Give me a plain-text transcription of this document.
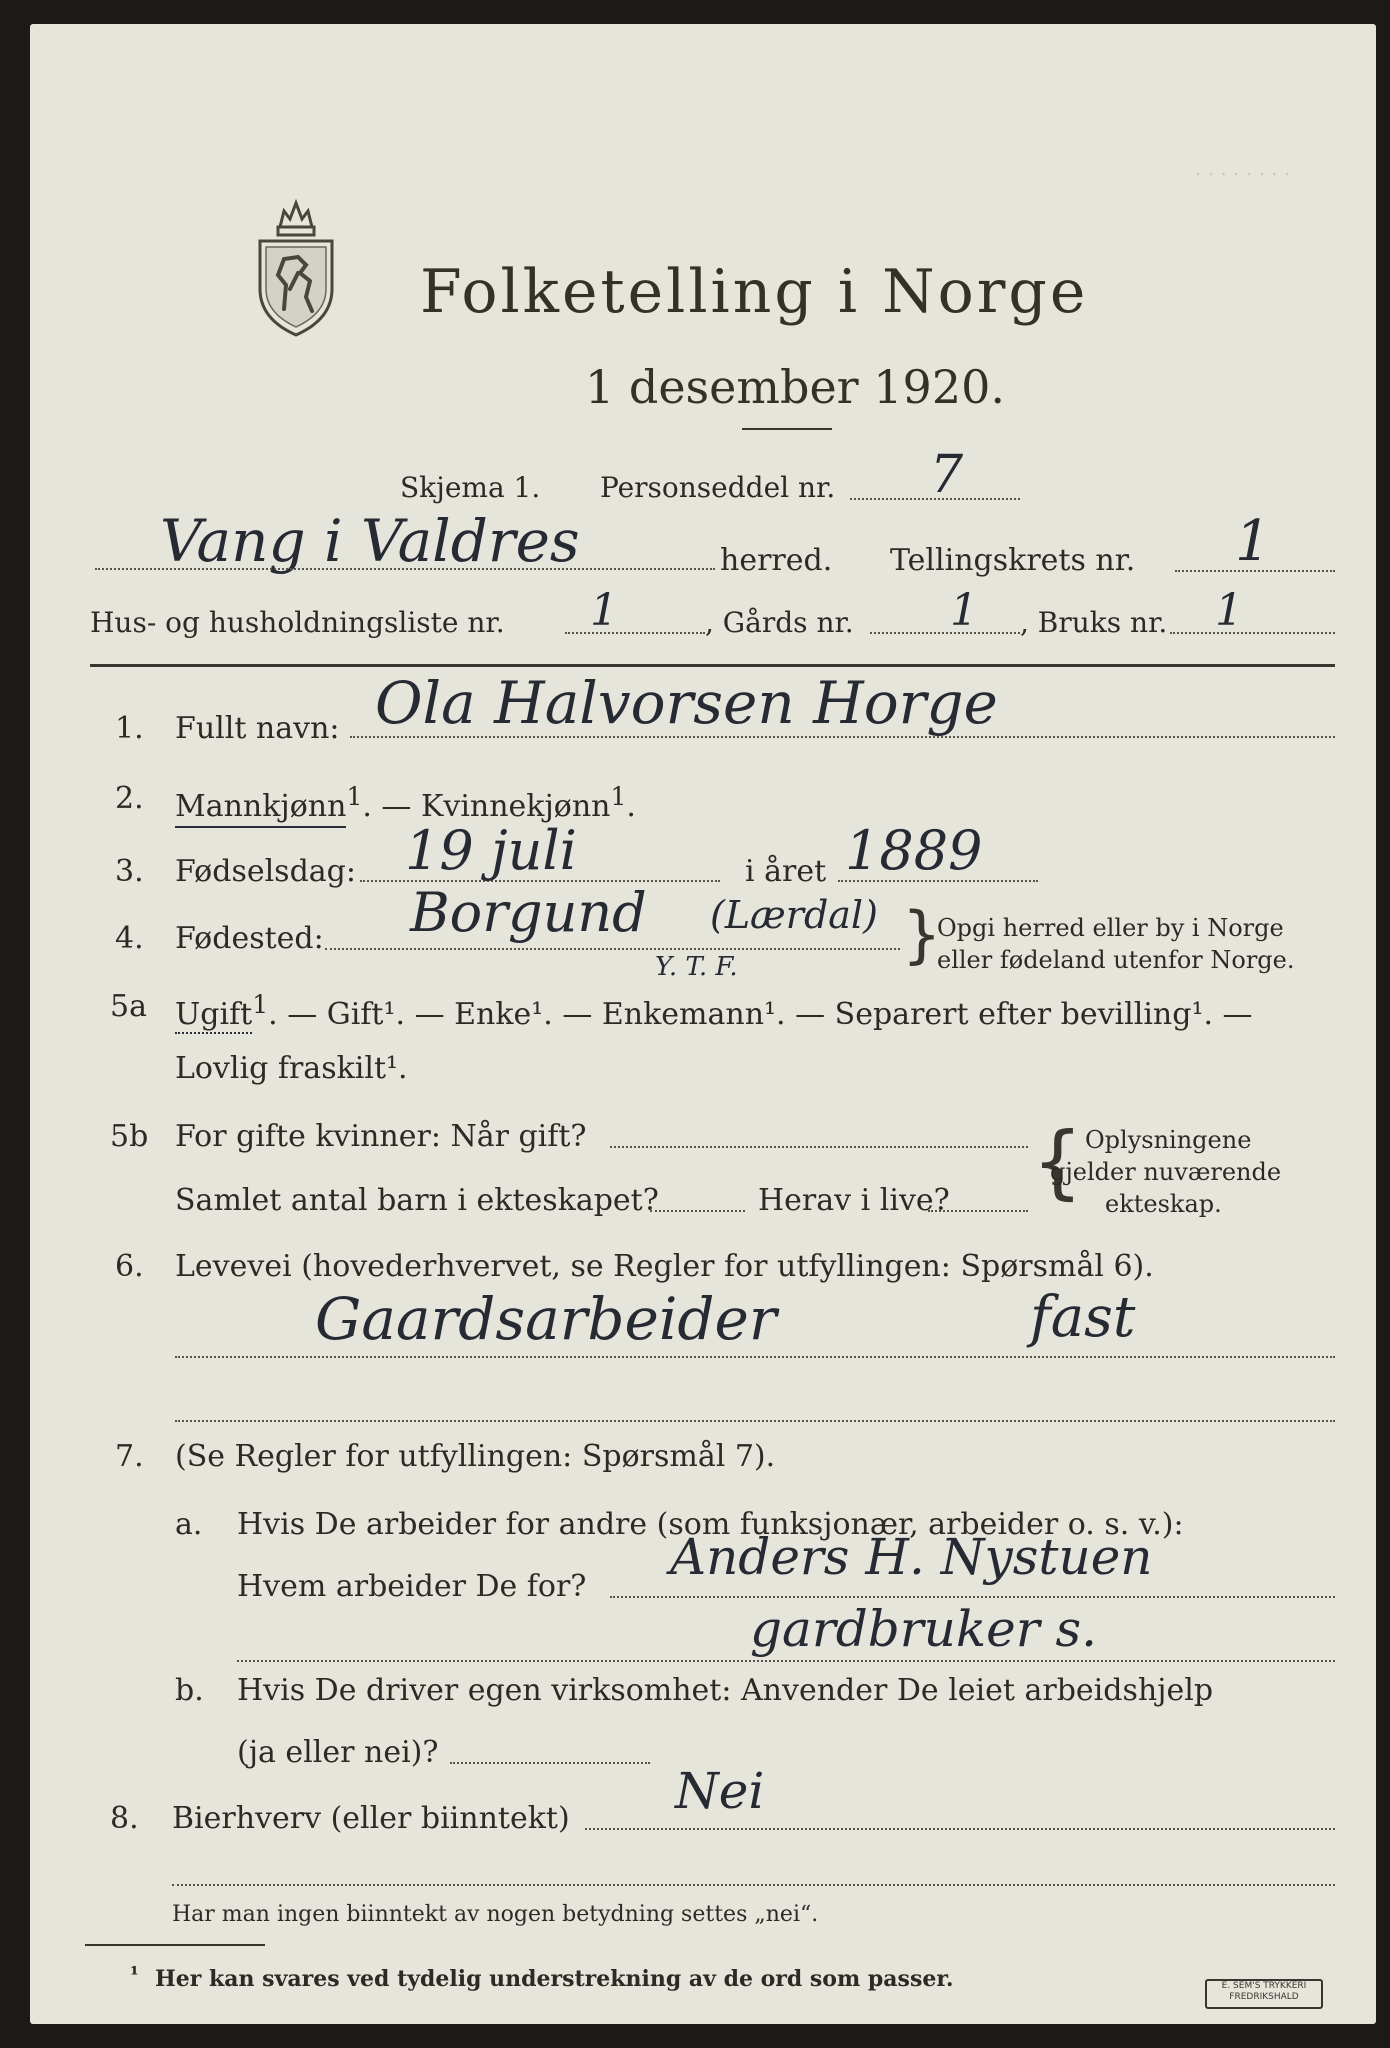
· · · · · · · ·
Folketelling i Norge
1 desember 1920.
Skjema 1. Personseddel nr. 7
Vang i Valdres	herred. Tellingskrets nr. 1
Hus- og husholdningsliste nr. 1	, Gårds nr. 1 , Bruks nr. 1
1. Fullt navn: Ola Halvorsen Horge
2. Mannkjønn$^1$. — Kvinnekjønn$^1$.
3. Fødselsdag: 19 juli	i året 1889
4. Fødested: Borgund (Lærdal)
Y. T. F.	}
Opgi herred eller by i Norge
eller fødeland utenfor Norge.
5a Ugift$^1$. — Gift¹. — Enke¹. — Enkemann¹. — Separert efter bevilling¹. —
Lovlig fraskilt¹.
5b For gifte kvinner: Når gift?
Samlet antal barn i ekteskapet?	Herav i live? { Oplysningene
gjelder nuværende
ekteskap.
6. Levevei (hovederhvervet, se Regler for utfyllingen: Spørsmål 6).
Gaardsarbeider	fast
7. (Se Regler for utfyllingen: Spørsmål 7).
a. Hvis De arbeider for andre (som funksjonær, arbeider o. s. v.):
Hvem arbeider De for?
Anders H. Nystuen
gardbruker s.
b. Hvis De driver egen virksomhet: Anvender De leiet arbeidshjelp
(ja eller nei)?
8. Bierhverv (eller biinntekt) Nei
Har man ingen biinntekt av nogen betydning settes „nei“.
¹ Her kan svares ved tydelig understrekning av de ord som passer.	E. SEM'S TRYKKERI FREDRIKSHALD
